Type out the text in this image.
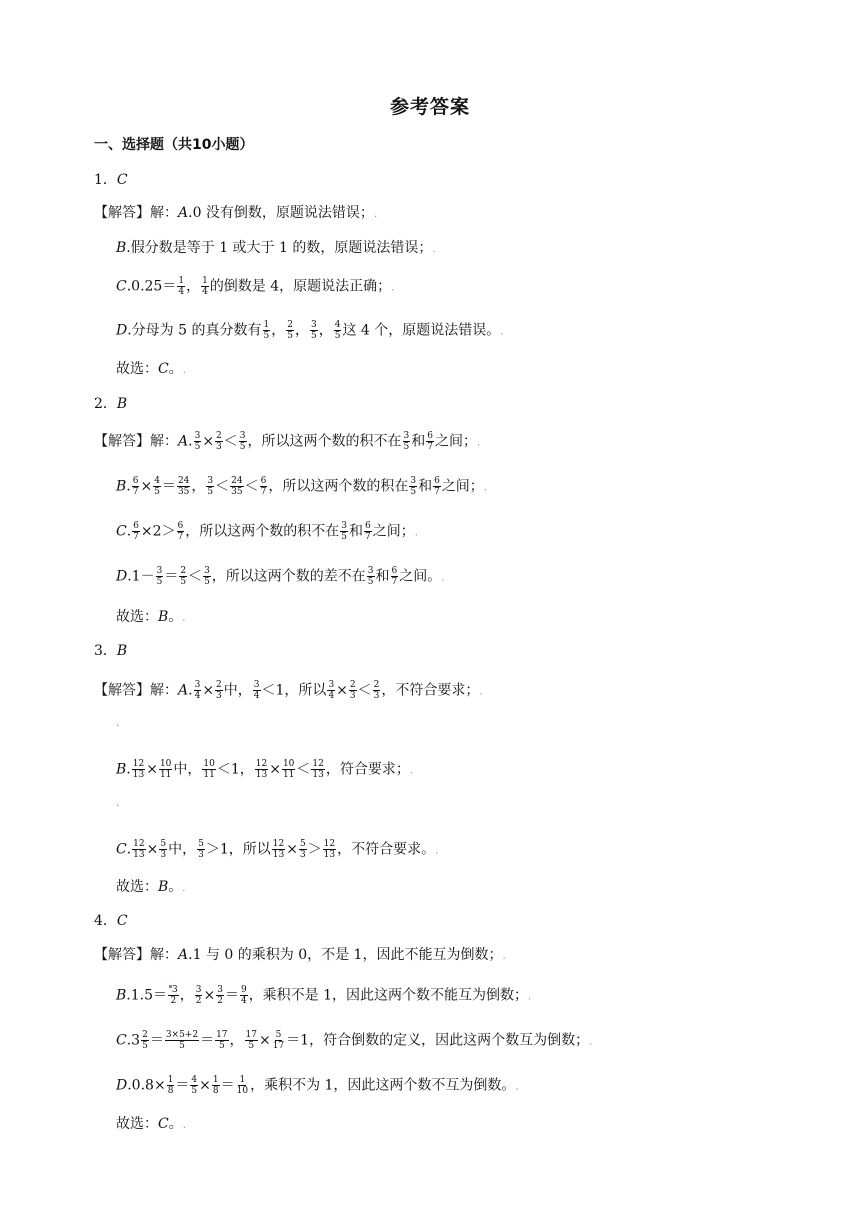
参考答案
一、选择题（共10小题）
1．C
【解答】解：A.0 没有倒数，原题说法错误；.
B.假分数是等于 1 或大于 1 的数，原题说法错误；.
$C.0.25= \frac{1}{4}$ ， $\frac{1}{4}$ 的倒数是 4，原题说法正确；.
D.分母为 5 的真分数有 $\frac{1}{5}$ ， $\frac{2}{5}$ ， $\frac{3}{5}$ ， $\frac{4}{5}$ 这 4 个，原题说法错误。.
故选：C。.
2．B
【解答】解：A. $\frac{3}{5} \times \frac{2}{3} < \frac{3}{5}$ ，所以这两个数的积不在 $\frac{3}{5}$ 和 $\frac{6}{7}$ 之间；.
B. $\frac{6}{7} \times \frac{4}{5} = \frac{24}{35}$ ， $\frac{3}{5} < \frac{24}{35} < \frac{6}{7}$ ，所以这两个数的积在 $\frac{3}{5}$ 和 $\frac{6}{7}$ 之间；.
C. $\frac{6}{7} \times 2> \frac{6}{7}$ ，所以这两个数的积不在 $\frac{3}{5}$ 和 $\frac{6}{7}$ 之间；.
$D.1- \frac{3}{5} = \frac{2}{5} < \frac{3}{5}$ ，所以这两个数的差不在 $\frac{3}{5}$ 和 $\frac{6}{7}$ 之间。.
故选：B。.
3．B
【解答】解：A. $\frac{3}{4} \times \frac{2}{3}$ 中， $\frac{3}{4} <1$，所以 $\frac{3}{4} \times \frac{2}{3} < \frac{2}{3}$ ，不符合要求；.
.
B. $\frac{12}{13} \times \frac{10}{11}$ 中， $\frac{10}{11} <1$， $\frac{12}{13} \times \frac{10}{11} < \frac{12}{13}$ ，符合要求；.
.
C. $\frac{12}{13} \times \frac{5}{3}$ 中， $\frac{5}{3} >1$，所以 $\frac{12}{13} \times \frac{5}{3} > \frac{12}{13}$ ，不符合要求。.
故选：B。.
4．C
【解答】解：A.1 与 0 的乘积为 0，不是 1，因此不能互为倒数；.
$B.1.5= \frac{3}{2}$ ， $\frac{3}{2} \times \frac{3}{2} = \frac{9}{4}$ ，乘积不是 1，因此这两个数不能互为倒数；.
$C.3 \frac{2}{5} = \frac{3\times 5+2}{5} = \frac{17}{5}$ ， $\frac{17}{5} \times \frac{5}{17} =1$，符合倒数的定义，因此这两个数互为倒数；.
$D.0.8\times \frac{1}{8} = \frac{4}{5} \times \frac{1}{8} = \frac{1}{10}$ ，乘积不为 1，因此这两个数不互为倒数。.
故选：C。.
